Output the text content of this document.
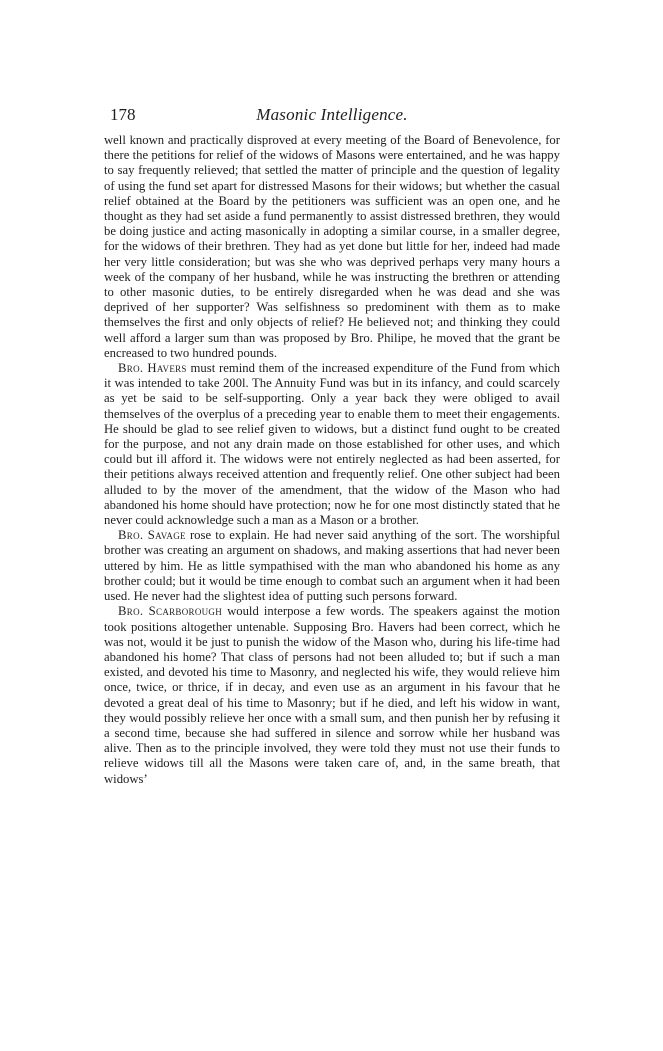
178	Masonic Intelligence.

well known and practically disproved at every meeting of the Board of Benevolence, for there the petitions for relief of the widows of Masons were entertained, and he was happy to say frequently relieved; that settled the matter of principle and the question of legality of using the fund set apart for distressed Masons for their widows; but whether the casual relief obtained at the Board by the petitioners was sufficient was an open one, and he thought as they had set aside a fund permanently to assist distressed brethren, they would be doing justice and acting masonically in adopting a similar course, in a smaller degree, for the widows of their brethren. They had as yet done but little for her, indeed had made her very little consideration; but was she who was deprived perhaps very many hours a week of the company of her husband, while he was instructing the brethren or attending to other masonic duties, to be entirely disregarded when he was dead and she was deprived of her supporter? Was selfishness so predominent with them as to make themselves the first and only objects of relief? He believed not; and thinking they could well afford a larger sum than was proposed by Bro. Philipe, he moved that the grant be encreased to two hundred pounds.

Bro. Havers must remind them of the increased expenditure of the Fund from which it was intended to take 200l. The Annuity Fund was but in its infancy, and could scarcely as yet be said to be self-supporting. Only a year back they were obliged to avail themselves of the overplus of a preceding year to enable them to meet their engagements. He should be glad to see relief given to widows, but a distinct fund ought to be created for the purpose, and not any drain made on those established for other uses, and which could but ill afford it. The widows were not entirely neglected as had been asserted, for their petitions always received attention and frequently relief. One other subject had been alluded to by the mover of the amendment, that the widow of the Mason who had abandoned his home should have protection; now he for one most distinctly stated that he never could acknowledge such a man as a Mason or a brother.

Bro. Savage rose to explain. He had never said anything of the sort. The worshipful brother was creating an argument on shadows, and making assertions that had never been uttered by him. He as little sympathised with the man who abandoned his home as any brother could; but it would be time enough to combat such an argument when it had been used. He never had the slightest idea of putting such persons forward.

Bro. Scarborough would interpose a few words. The speakers against the motion took positions altogether untenable. Supposing Bro. Havers had been correct, which he was not, would it be just to punish the widow of the Mason who, during his life-time had abandoned his home? That class of persons had not been alluded to; but if such a man existed, and devoted his time to Masonry, and neglected his wife, they would relieve him once, twice, or thrice, if in decay, and even use as an argument in his favour that he devoted a great deal of his time to Masonry; but if he died, and left his widow in want, they would possibly relieve her once with a small sum, and then punish her by refusing it a second time, because she had suffered in silence and sorrow while her husband was alive. Then as to the principle involved, they were told they must not use their funds to relieve widows till all the Masons were taken care of, and, in the same breath, that widows’
